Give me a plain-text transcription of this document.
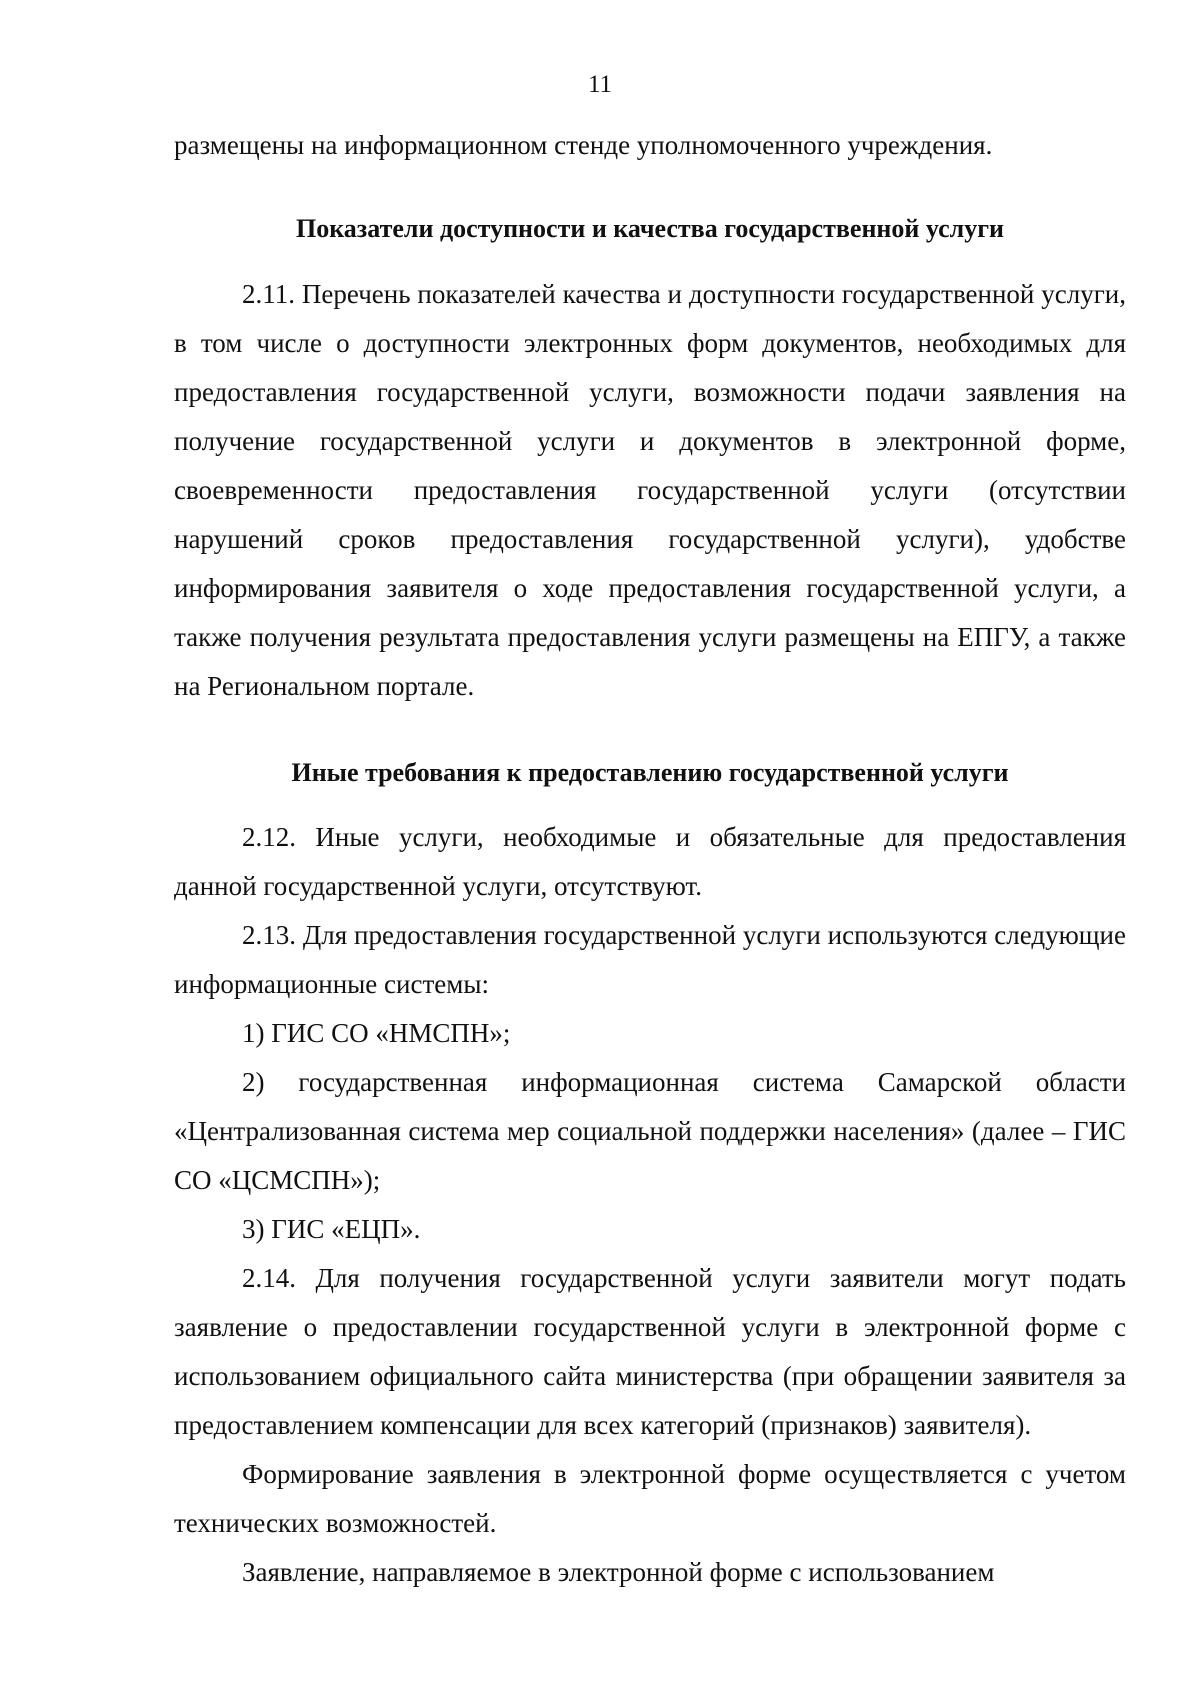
11

размещены на информационном стенде уполномоченного учреждения.

Показатели доступности и качества государственной услуги

2.11. Перечень показателей качества и доступности государственной услуги, в том числе о доступности электронных форм документов, необходимых для предоставления государственной услуги, возможности подачи заявления на получение государственной услуги и документов в электронной форме, своевременности предоставления государственной услуги (отсутствии нарушений сроков предоставления государственной услуги), удобстве информирования заявителя о ходе предоставления государственной услуги, а также получения результата предоставления услуги размещены на ЕПГУ, а также на Региональном портале.

Иные требования к предоставлению государственной услуги

2.12. Иные услуги, необходимые и обязательные для предоставления данной государственной услуги, отсутствуют.

2.13. Для предоставления государственной услуги используются следующие информационные системы:

1) ГИС СО «НМСПН»;

2) государственная информационная система Самарской области «Централизованная система мер социальной поддержки населения» (далее – ГИС СО «ЦСМСПН»);

3) ГИС «ЕЦП».

2.14. Для получения государственной услуги заявители могут подать заявление о предоставлении государственной услуги в электронной форме с использованием официального сайта министерства (при обращении заявителя за предоставлением компенсации для всех категорий (признаков) заявителя).

Формирование заявления в электронной форме осуществляется с учетом технических возможностей.

Заявление, направляемое в электронной форме с использованием
